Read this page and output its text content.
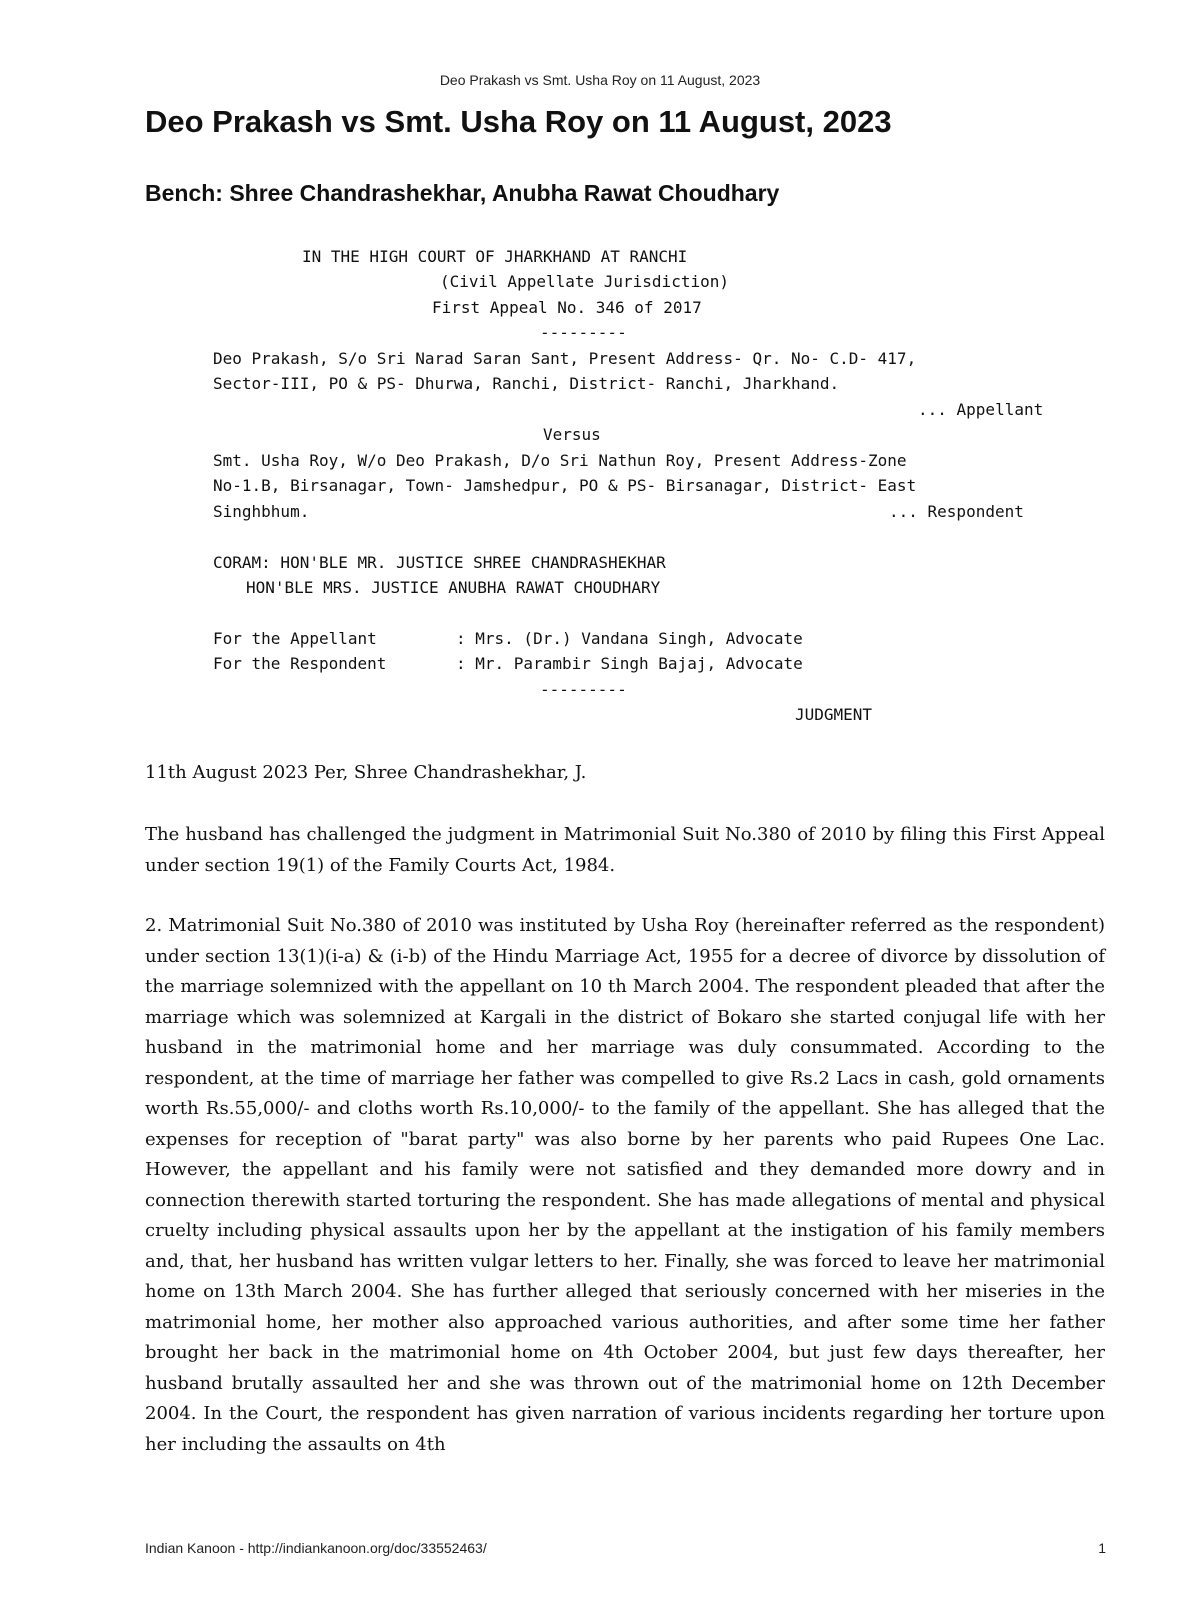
Deo Prakash vs Smt. Usha Roy on 11 August, 2023
Deo Prakash vs Smt. Usha Roy on 11 August, 2023
Bench: Shree Chandrashekhar, Anubha Rawat Choudhary
IN THE HIGH COURT OF JHARKHAND AT RANCHI
(Civil Appellate Jurisdiction)
First Appeal No. 346 of 2017
---------
Deo Prakash, S/o Sri Narad Saran Sant, Present Address- Qr. No- C.D- 417,
Sector-III, PO & PS- Dhurwa, Ranchi, District- Ranchi, Jharkhand.
... Appellant
Versus
Smt. Usha Roy, W/o Deo Prakash, D/o Sri Nathun Roy, Present Address-Zone
No-1.B, Birsanagar, Town- Jamshedpur, PO & PS- Birsanagar, District- East
Singhbhum.	... Respondent
CORAM: HON'BLE MR. JUSTICE SHREE CHANDRASHEKHAR
HON'BLE MRS. JUSTICE ANUBHA RAWAT CHOUDHARY
For the Appellant	: Mrs. (Dr.) Vandana Singh, Advocate
For the Respondent	: Mr. Parambir Singh Bajaj, Advocate
---------
JUDGMENT

11th August 2023 Per, Shree Chandrashekhar, J.

The husband has challenged the judgment in Matrimonial Suit No.380 of 2010 by filing this First Appeal under section 19(1) of the Family Courts Act, 1984.

2. Matrimonial Suit No.380 of 2010 was instituted by Usha Roy (hereinafter referred as the respondent) under section 13(1)(i-a) & (i-b) of the Hindu Marriage Act, 1955 for a decree of divorce by dissolution of the marriage solemnized with the appellant on 10 th March 2004. The respondent pleaded that after the marriage which was solemnized at Kargali in the district of Bokaro she started conjugal life with her husband in the matrimonial home and her marriage was duly consummated. According to the respondent, at the time of marriage her father was compelled to give Rs.2 Lacs in cash, gold ornaments worth Rs.55,000/- and cloths worth Rs.10,000/- to the family of the appellant. She has alleged that the expenses for reception of "barat party" was also borne by her parents who paid Rupees One Lac. However, the appellant and his family were not satisfied and they demanded more dowry and in connection therewith started torturing the respondent. She has made allegations of mental and physical cruelty including physical assaults upon her by the appellant at the instigation of his family members and, that, her husband has written vulgar letters to her. Finally, she was forced to leave her matrimonial home on 13th March 2004. She has further alleged that seriously concerned with her miseries in the matrimonial home, her mother also approached various authorities, and after some time her father brought her back in the matrimonial home on 4th October 2004, but just few days thereafter, her husband brutally assaulted her and she was thrown out of the matrimonial home on 12th December 2004. In the Court, the respondent has given narration of various incidents regarding her torture upon her including the assaults on 4th

Indian Kanoon - http://indiankanoon.org/doc/33552463/	1
